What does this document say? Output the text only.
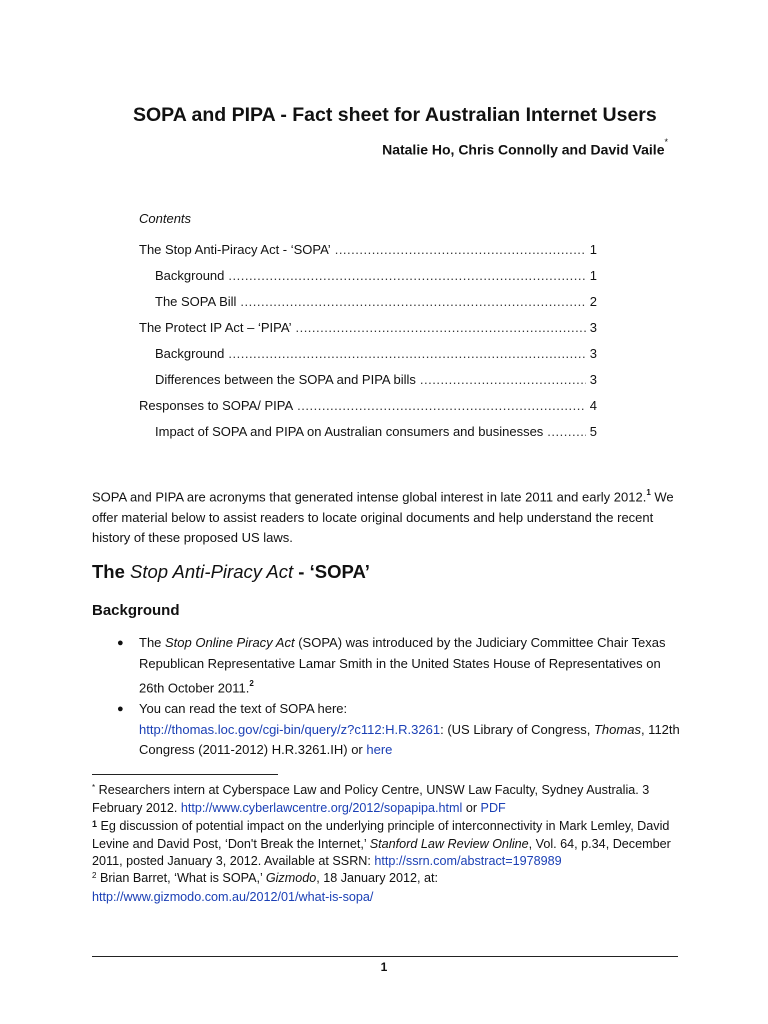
SOPA and PIPA - Fact sheet for Australian Internet Users
Natalie Ho, Chris Connolly and David Vaile*
Contents
The Stop Anti-Piracy Act - ‘SOPA’ .....	1
Background .....	1
The SOPA Bill .....	2
The Protect IP Act – ‘PIPA’ .....	3
Background .....	3
Differences between the SOPA and PIPA bills .....	3
Responses to SOPA/ PIPA .....	4
Impact of SOPA and PIPA on Australian consumers and businesses .....	5
SOPA and PIPA are acronyms that generated intense global interest in late 2011 and early 2012.$^1$ We offer material below to assist readers to locate original documents and help understand the recent history of these proposed US laws.
The Stop Anti-Piracy Act - ‘SOPA’
Background
●	The Stop Online Piracy Act (SOPA) was introduced by the Judiciary Committee Chair Texas Republican Representative Lamar Smith in the United States House of Representatives on 26th October 2011.$^2$
●	You can read the text of SOPA here:
http://thomas.loc.gov/cgi-bin/query/z?c112:H.R.3261: (US Library of Congress, Thomas, 112th Congress (2011-2012) H.R.3261.IH) or here
* Researchers intern at Cyberspace Law and Policy Centre, UNSW Law Faculty, Sydney Australia. 3 February 2012. http://www.cyberlawcentre.org/2012/sopapipa.html or PDF
$^1$ Eg discussion of potential impact on the underlying principle of interconnectivity in Mark Lemley, David Levine and David Post, ‘Don't Break the Internet,’ Stanford Law Review Online, Vol. 64, p.34, December 2011, posted January 3, 2012. Available at SSRN: http://ssrn.com/abstract=1978989
$^2$ Brian Barret, ‘What is SOPA,’ Gizmodo, 18 January 2012, at:
http://www.gizmodo.com.au/2012/01/what-is-sopa/
1
